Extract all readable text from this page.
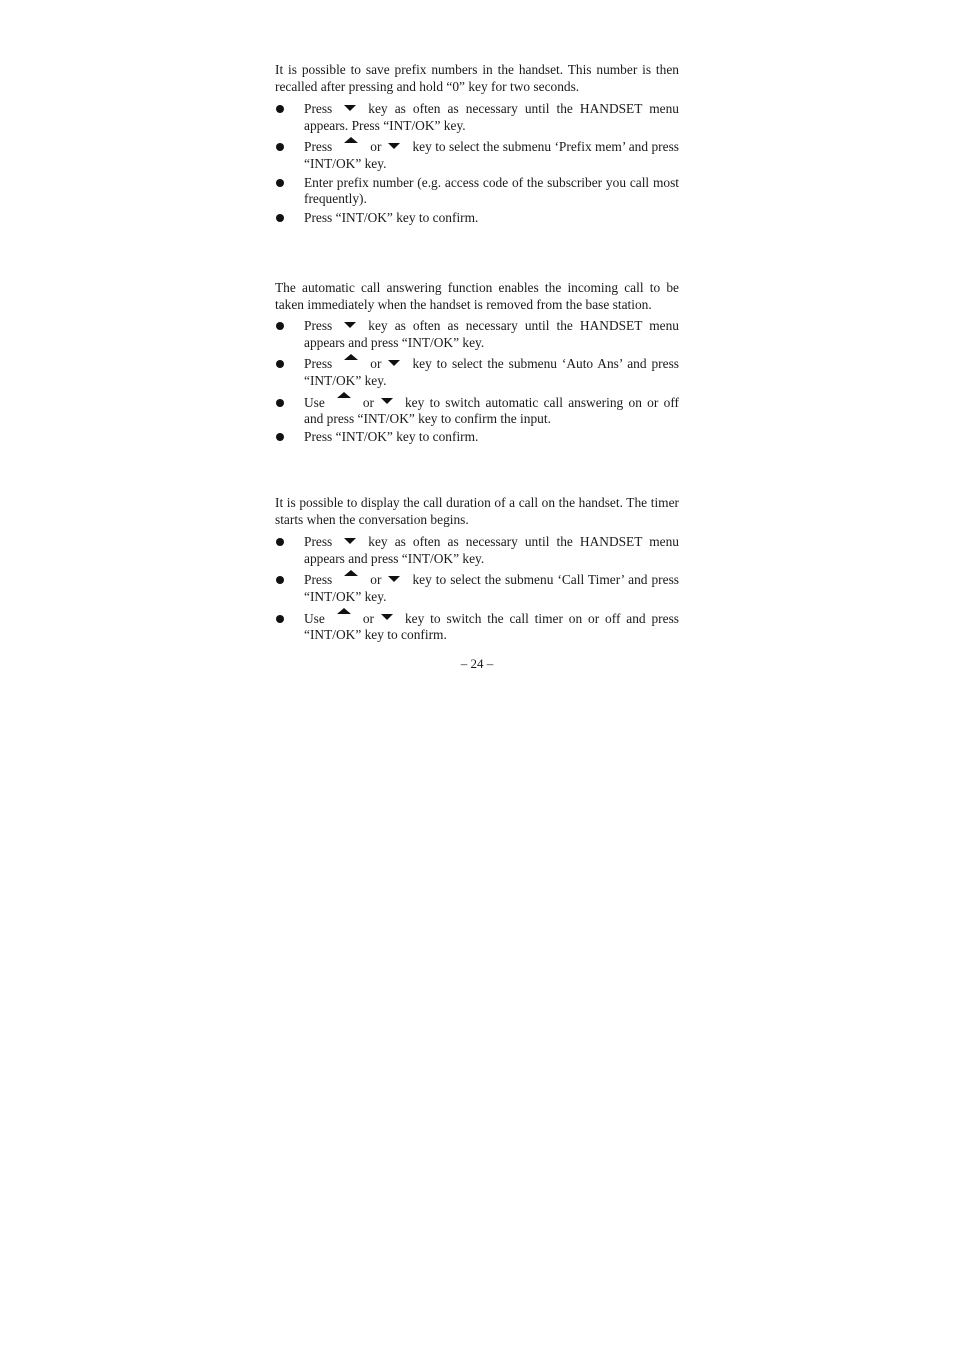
It is possible to save prefix numbers in the handset. This number is then recalled after pressing and hold “0” key for two seconds.

Press	key as often as necessary until the HANDSET menu appears. Press “INT/OK” key.
Press	or key to select the submenu ‘Prefix mem’ and press “INT/OK” key.
Enter prefix number (e.g. access code of the subscriber you call most frequently).
Press “INT/OK” key to confirm.

The automatic call answering function enables the incoming call to be taken immediately when the handset is removed from the base station.

Press	key as often as necessary until the HANDSET menu appears and press “INT/OK” key.
Press	or key to select the submenu ‘Auto Ans’ and press “INT/OK” key.
Use	or key to switch automatic call answering on or off and press “INT/OK” key to confirm the input.
Press “INT/OK” key to confirm.

It is possible to display the call duration of a call on the handset. The timer starts when the conversation begins.

Press	key as often as necessary until the HANDSET menu appears and press “INT/OK” key.
Press	or key to select the submenu ‘Call Timer’ and press “INT/OK” key.
Use	or key to switch the call timer on or off and press “INT/OK” key to confirm.
– 24 –
